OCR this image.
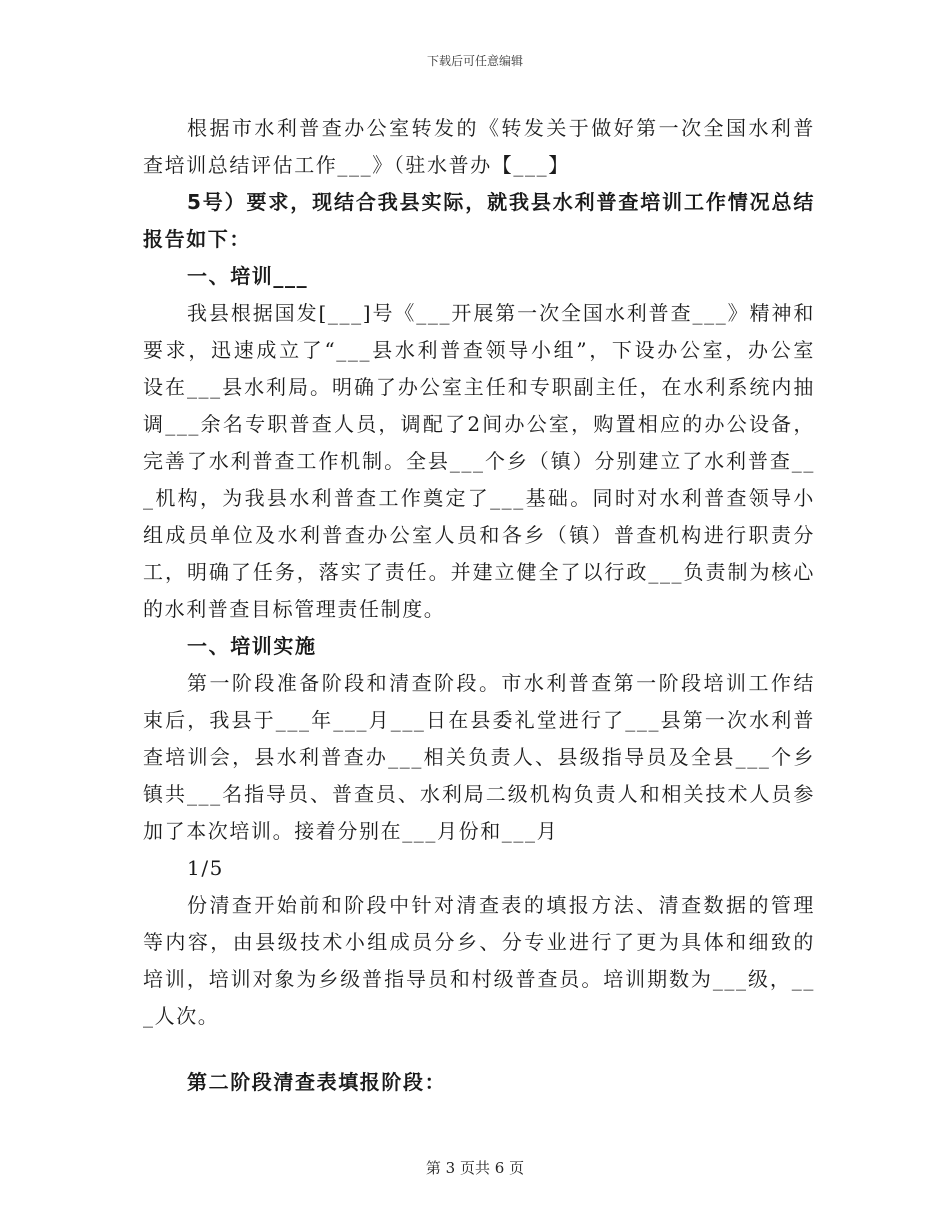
下载后可任意编辑
根据市水利普查办公室转发的《转发关于做好第一次全国水利普
查培训总结评估工作___》（驻水普办【___】
5号）要求，现结合我县实际，就我县水利普查培训工作情况总结
报告如下：
一、培训___
我县根据国发[___]号《___开展第一次全国水利普查___》精神和
要求，迅速成立了“___县水利普查领导小组”，下设办公室，办公室
设在___县水利局。明确了办公室主任和专职副主任，在水利系统内抽
调___余名专职普查人员，调配了2间办公室，购置相应的办公设备，
完善了水利普查工作机制。全县___个乡（镇）分别建立了水利普查__
_机构，为我县水利普查工作奠定了___基础。同时对水利普查领导小
组成员单位及水利普查办公室人员和各乡（镇）普查机构进行职责分
工，明确了任务，落实了责任。并建立健全了以行政___负责制为核心
的水利普查目标管理责任制度。
一、培训实施
第一阶段准备阶段和清查阶段。市水利普查第一阶段培训工作结
束后，我县于___年___月___日在县委礼堂进行了___县第一次水利普
查培训会，县水利普查办___相关负责人、县级指导员及全县___个乡
镇共___名指导员、普查员、水利局二级机构负责人和相关技术人员参
加了本次培训。接着分别在___月份和___月
1/5
份清查开始前和阶段中针对清查表的填报方法、清查数据的管理
等内容，由县级技术小组成员分乡、分专业进行了更为具体和细致的
培训，培训对象为乡级普指导员和村级普查员。培训期数为___级，__
_人次。
第二阶段清查表填报阶段：
第 3 页共 6 页
